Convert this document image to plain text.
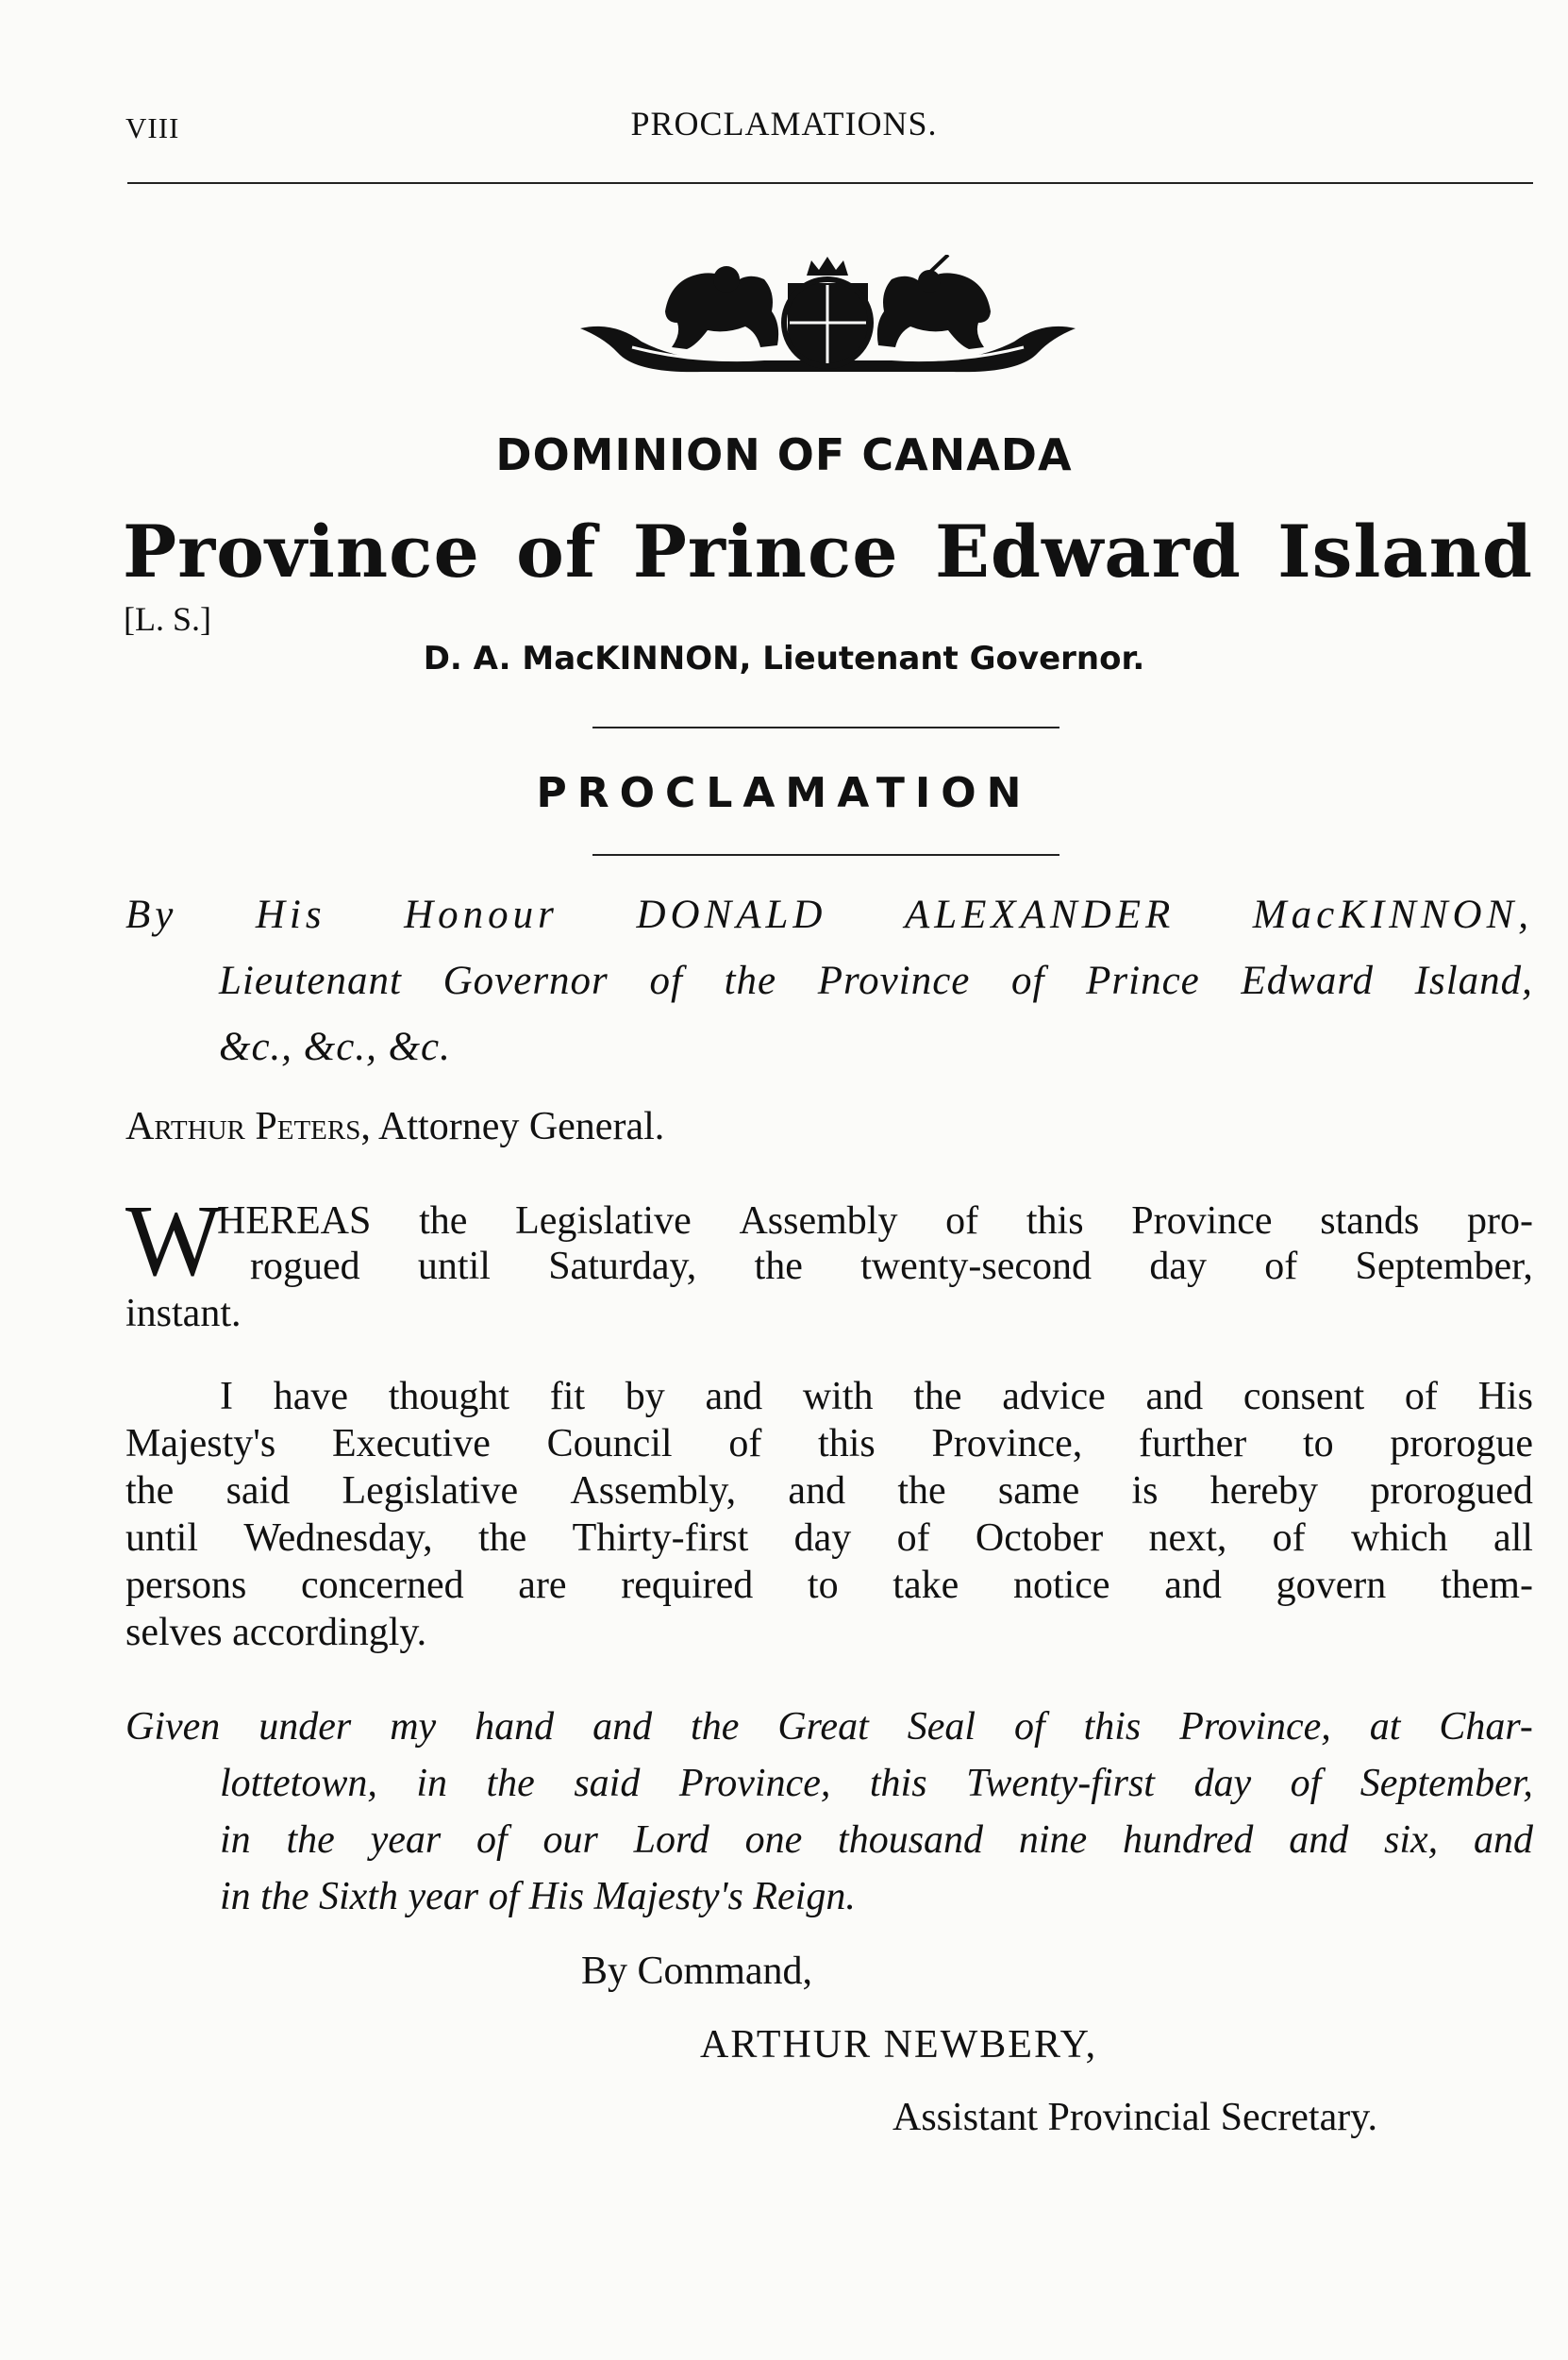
VIII	PROCLAMATIONS.
DOMINION OF CANADA
Province of Prince Edward Island
[L. S.]
D. A. MacKINNON, Lieutenant Governor.
PROCLAMATION
By His Honour DONALD ALEXANDER MacKINNON,
Lieutenant Governor of the Province of Prince Edward Island,
&c., &c., &c.
Arthur Peters, Attorney General.
W
HEREAS the Legislative Assembly of this Province stands pro-
rogued until Saturday, the twenty-second day of September,
instant.
I have thought fit by and with the advice and consent of His
Majesty's Executive Council of this Province, further to prorogue
the said Legislative Assembly, and the same is hereby prorogued
until Wednesday, the Thirty-first day of October next, of which all
persons concerned are required to take notice and govern them-
selves accordingly.
Given under my hand and the Great Seal of this Province, at Char-
lottetown, in the said Province, this Twenty-first day of September,
in the year of our Lord one thousand nine hundred and six, and
in the Sixth year of His Majesty's Reign.
By Command,
ARTHUR NEWBERY,
Assistant Provincial Secretary.
